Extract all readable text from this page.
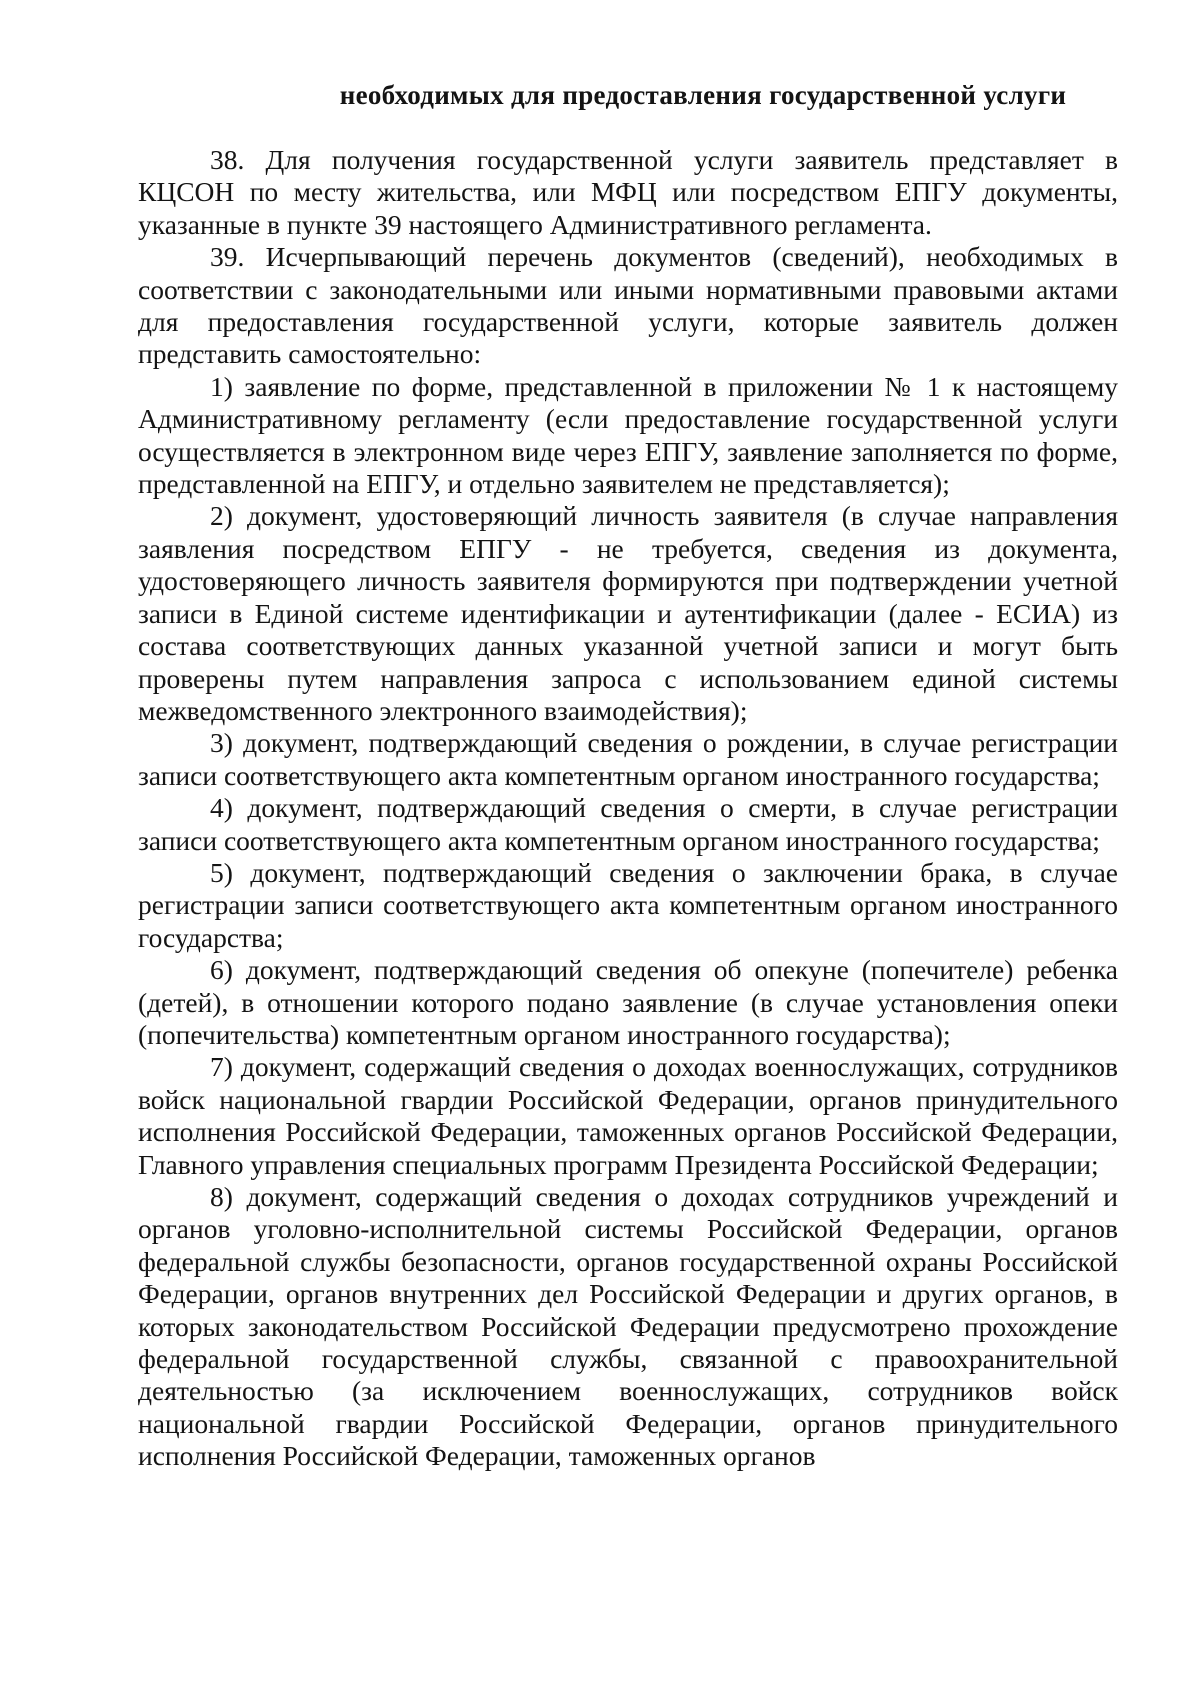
необходимых для предоставления государственной услуги

38. Для получения государственной услуги заявитель представляет в КЦСОН по месту жительства, или МФЦ или посредством ЕПГУ документы, указанные в пункте 39 настоящего Административного регламента.

39. Исчерпывающий перечень документов (сведений), необходимых в соответствии с законодательными или иными нормативными правовыми актами для предоставления государственной услуги, которые заявитель должен представить самостоятельно:

1) заявление по форме, представленной в приложении № 1 к настоящему Административному регламенту (если предоставление государственной услуги осуществляется в электронном виде через ЕПГУ, заявление заполняется по форме, представленной на ЕПГУ, и отдельно заявителем не представляется);

2) документ, удостоверяющий личность заявителя (в случае направления заявления посредством ЕПГУ - не требуется, сведения из документа, удостоверяющего личность заявителя формируются при подтверждении учетной записи в Единой системе идентификации и аутентификации (далее - ЕСИА) из состава соответствующих данных указанной учетной записи и могут быть проверены путем направления запроса с использованием единой системы межведомственного электронного взаимодействия);

3) документ, подтверждающий сведения о рождении, в случае регистрации записи соответствующего акта компетентным органом иностранного государства;

4) документ, подтверждающий сведения о смерти, в случае регистрации записи соответствующего акта компетентным органом иностранного государства;

5) документ, подтверждающий сведения о заключении брака, в случае регистрации записи соответствующего акта компетентным органом иностранного государства;

6) документ, подтверждающий сведения об опекуне (попечителе) ребенка (детей), в отношении которого подано заявление (в случае установления опеки (попечительства) компетентным органом иностранного государства);

7) документ, содержащий сведения о доходах военнослужащих, сотрудников войск национальной гвардии Российской Федерации, органов принудительного исполнения Российской Федерации, таможенных органов Российской Федерации, Главного управления специальных программ Президента Российской Федерации;

8) документ, содержащий сведения о доходах сотрудников учреждений и органов уголовно-исполнительной системы Российской Федерации, органов федеральной службы безопасности, органов государственной охраны Российской Федерации, органов внутренних дел Российской Федерации и других органов, в которых законодательством Российской Федерации предусмотрено прохождение федеральной государственной службы, связанной с правоохранительной деятельностью (за исключением военнослужащих, сотрудников войск национальной гвардии Российской Федерации, органов принудительного исполнения Российской Федерации, таможенных органов
